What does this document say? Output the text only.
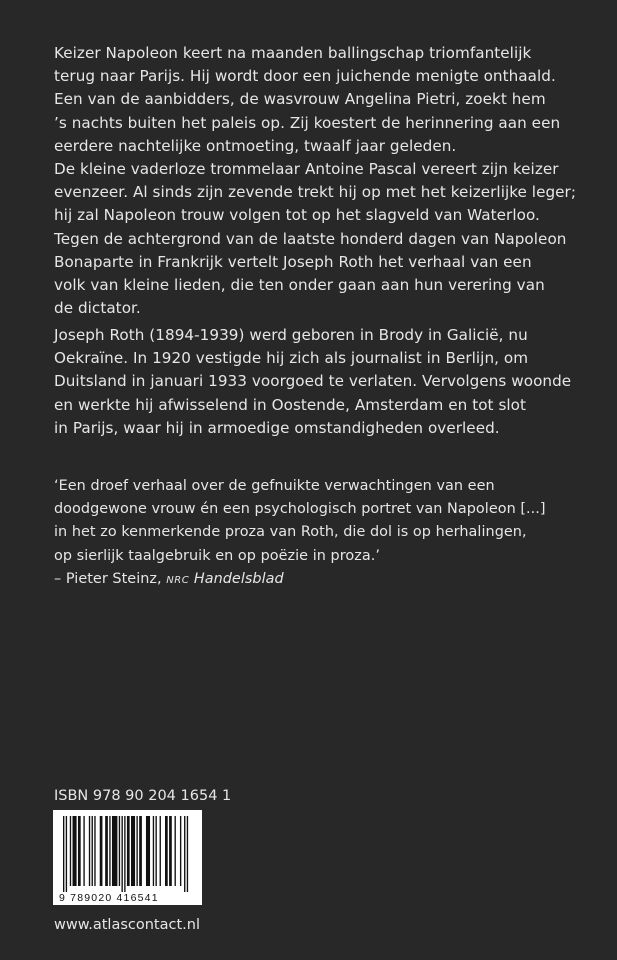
Keizer Napoleon keert na maanden ballingschap triomfantelijk
terug naar Parijs. Hij wordt door een juichende menigte onthaald.
Een van de aanbidders, de wasvrouw Angelina Pietri, zoekt hem
’s nachts buiten het paleis op. Zij koestert de herinnering aan een
eerdere nachtelijke ontmoeting, twaalf jaar geleden.
De kleine vaderloze trommelaar Antoine Pascal vereert zijn keizer
evenzeer. Al sinds zijn zevende trekt hij op met het keizerlijke leger;
hij zal Napoleon trouw volgen tot op het slagveld van Waterloo.
Tegen de achtergrond van de laatste honderd dagen van Napoleon
Bonaparte in Frankrijk vertelt Joseph Roth het verhaal van een
volk van kleine lieden, die ten onder gaan aan hun verering van
de dictator.
Joseph Roth (1894-1939) werd geboren in Brody in Galicië, nu
Oekraïne. In 1920 vestigde hij zich als journalist in Berlijn, om
Duitsland in januari 1933 voorgoed te verlaten. Vervolgens woonde
en werkte hij afwisselend in Oostende, Amsterdam en tot slot
in Parijs, waar hij in armoedige omstandigheden overleed.
‘Een droef verhaal over de gefnuikte verwachtingen van een
doodgewone vrouw én een psychologisch portret van Napoleon [...]
in het zo kenmerkende proza van Roth, die dol is op herhalingen,
op sierlijk taalgebruik en op poëzie in proza.’
– Pieter Steinz, NRC Handelsblad
ISBN 978 90 204 1654 1
9 789020 416541
www.atlascontact.nl
